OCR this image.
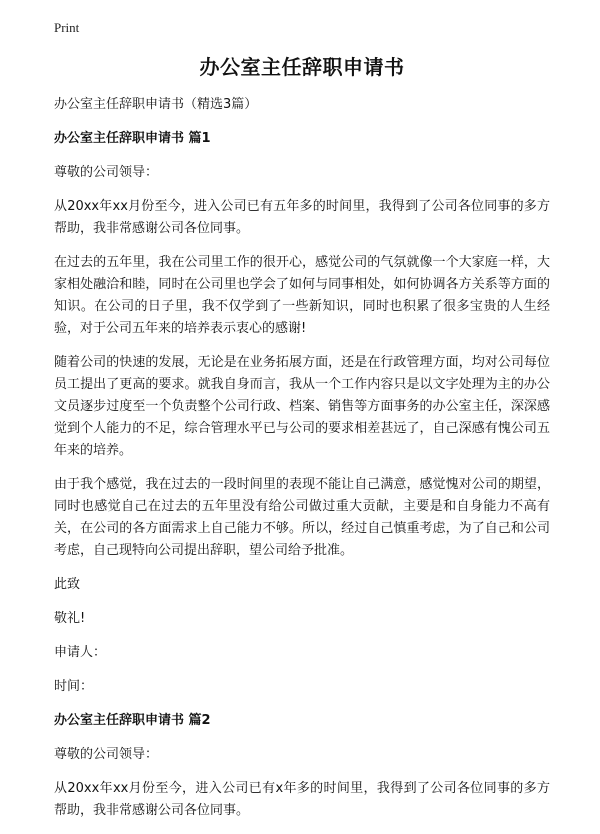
Print
办公室主任辞职申请书

办公室主任辞职申请书（精选3篇）

办公室主任辞职申请书 篇1

尊敬的公司领导：

从20xx年xx月份至今，进入公司已有五年多的时间里，我得到了公司各位同事的多方帮助，我非常感谢公司各位同事。

在过去的五年里，我在公司里工作的很开心，感觉公司的气氛就像一个大家庭一样，大家相处融洽和睦，同时在公司里也学会了如何与同事相处，如何协调各方关系等方面的知识。在公司的日子里，我不仅学到了一些新知识，同时也积累了很多宝贵的人生经验，对于公司五年来的培养表示衷心的感谢!

随着公司的快速的发展，无论是在业务拓展方面，还是在行政管理方面，均对公司每位员工提出了更高的要求。就我自身而言，我从一个工作内容只是以文字处理为主的办公文员逐步过度至一个负责整个公司行政、档案、销售等方面事务的办公室主任，深深感觉到个人能力的不足，综合管理水平已与公司的要求相差甚远了，自己深感有愧公司五年来的培养。

由于我个感觉，我在过去的一段时间里的表现不能让自己满意，感觉愧对公司的期望，同时也感觉自己在过去的五年里没有给公司做过重大贡献，主要是和自身能力不高有关，在公司的各方面需求上自己能力不够。所以，经过自己慎重考虑，为了自己和公司考虑，自己现特向公司提出辞职，望公司给予批准。

此致

敬礼!

申请人：

时间：

办公室主任辞职申请书 篇2

尊敬的公司领导：

从20xx年xx月份至今，进入公司已有x年多的时间里，我得到了公司各位同事的多方帮助，我非常感谢公司各位同事。
